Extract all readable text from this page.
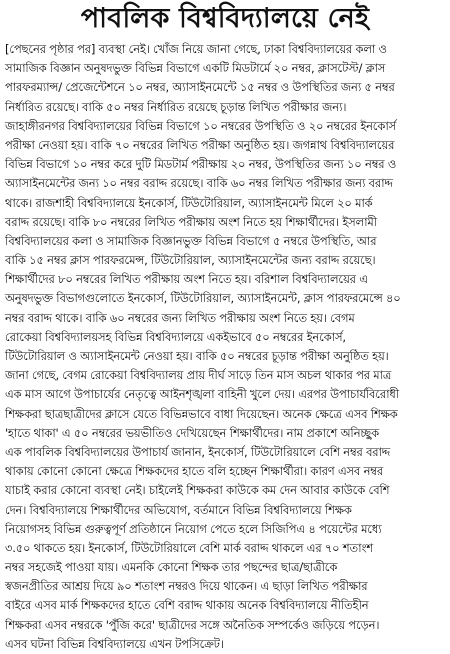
পাবলিক বিশ্ববিদ্যালয়ে নেই
[পেছনের পৃষ্ঠার পর] ব্যবস্থা নেই। খোঁজ নিয়ে জানা গেছে, ঢাকা বিশ্ববিদ্যালয়ের কলা ও
সামাজিক বিজ্ঞান অনুষদভুক্ত বিভিন্ন বিভাগে একটি মিডটার্মে ২০ নম্বর, ক্লাসটেস্ট/ ক্লাস
পারফরম্যান্স/ প্রেজেন্টেশনে ১০ নম্বর, অ্যাসাইনমেন্টে ১৫ নম্বর ও উপস্থিতির জন্য ৫ নম্বর
নির্ধারিত রয়েছে। বাকি ৫০ নম্বর নির্ধারিত রয়েছে চূড়ান্ত লিখিত পরীক্ষার জন্য।
জাহাঙ্গীরনগর বিশ্ববিদ্যালয়ের বিভিন্ন বিভাগে ১০ নম্বরের উপস্থিতি ও ২০ নম্বরের ইনকোর্স
পরীক্ষা নেওয়া হয়। বাকি ৭০ নম্বরের লিখিত পরীক্ষা অনুষ্ঠিত হয়। জগন্নাথ বিশ্ববিদ্যালয়ের
বিভিন্ন বিভাগে ১০ নম্বর করে দুটি মিডটার্ম পরীক্ষায় ২০ নম্বর, উপস্থিতির জন্য ১০ নম্বর ও
অ্যাসাইনমেন্টের জন্য ১০ নম্বর বরাদ্দ রয়েছে। বাকি ৬০ নম্বর লিখিত পরীক্ষার জন্য বরাদ্দ
থাকে। রাজশাহী বিশ্ববিদ্যালয়ে ইনকোর্স, টিউটোরিয়াল, অ্যাসাইনমেন্ট মিলে ২০ মার্ক
বরাদ্দ রয়েছে। বাকি ৮০ নম্বরের লিখিত পরীক্ষায় অংশ নিতে হয় শিক্ষার্থীদের। ইসলামী
বিশ্ববিদ্যালয়ের কলা ও সামাজিক বিজ্ঞানভুক্ত বিভিন্ন বিভাগে ৫ নম্বরে উপস্থিতি, আর
বাকি ১৫ নম্বর ক্লাস পারফরমেন্স, টিউটোরিয়াল, অ্যাসাইনমেন্টের জন্য বরাদ্দ রয়েছে।
শিক্ষার্থীদের ৮০ নম্বরের লিখিত পরীক্ষায় অংশ নিতে হয়। বরিশাল বিশ্ববিদ্যালয়ের এ
অনুষদভুক্ত বিভাগগুলোতে ইনকোর্স, টিউটোরিয়াল, অ্যাসাইনমেন্ট, ক্লাস পারফরমেন্সে ৪০
নম্বর বরাদ্দ থাকে। বাকি ৬০ নম্বরের জন্য লিখিত পরীক্ষায় অংশ নিতে হয়। বেগম
রোকেয়া বিশ্ববিদ্যালয়সহ বিভিন্ন বিশ্ববিদ্যালয়ে একইভাবে ৫০ নম্বরের ইনকোর্স,
টিউটোরিয়াল ও অ্যাসাইনমেন্ট নেওয়া হয়। বাকি ৫০ নম্বরের চূড়ান্ত পরীক্ষা অনুষ্ঠিত হয়।
জানা গেছে, বেগম রোকেয়া বিশ্ববিদ্যালয় প্রায় দীর্ঘ সাড়ে তিন মাস অচল থাকার পর মাত্র
এক মাস আগে উপাচার্যের নেতৃত্বে আইনশৃঙ্খলা বাহিনী খুলে দেয়। এরপর উপাচার্যবিরোধী
শিক্ষকরা ছাত্রছাত্রীদের ক্লাসে যেতে বিভিন্নভাবে বাধা দিয়েছেন। অনেক ক্ষেত্রে এসব শিক্ষক
'হাতে থাকা' এ ৫০ নম্বরের ভয়ভীতিও দেখিয়েছেন শিক্ষার্থীদের। নাম প্রকাশে অনিচ্ছুক
এক পাবলিক বিশ্ববিদ্যালয়ের উপাচার্য জানান, ইনকোর্স, টিউটোরিয়ালে বেশি নম্বর বরাদ্দ
থাকায় কোনো কোনো ক্ষেত্রে শিক্ষকদের হাতে বলি হচ্ছেন শিক্ষার্থীরা। কারণ এসব নম্বর
যাচাই করার কোনো ব্যবস্থা নেই। চাইলেই শিক্ষকরা কাউকে কম দেন আবার কাউকে বেশি
দেন। বিশ্ববিদ্যালয়ে শিক্ষার্থীদের অভিযোগ, বর্তমানে বিভিন্ন বিশ্ববিদ্যালয়ে শিক্ষক
নিয়োগসহ বিভিন্ন গুরুত্বপূর্ণ প্রতিষ্ঠানে নিয়োগ পেতে হলে সিজিপিএ ৪ পয়েন্টের মধ্যে
৩.৫০ থাকতে হয়। ইনকোর্স, টিউটোরিয়ালে বেশি মার্ক বরাদ্দ থাকলে এর ৭০ শতাংশ
নম্বর সহজেই পাওয়া যায়। এমনকি কোনো শিক্ষক তার পছন্দের ছাত্র/ছাত্রীকে
স্বজনপ্রীতির আশ্রয় দিয়ে ৯০ শতাংশ নম্বরও দিয়ে থাকেন। এ ছাড়া লিখিত পরীক্ষার
বাইরে এসব মার্ক শিক্ষকদের হাতে বেশি বরাদ্দ থাকায় অনেক বিশ্ববিদ্যালয়ে নীতিহীন
শিক্ষকরা এসব নম্বরকে 'পুঁজি করে' ছাত্রীদের সঙ্গে অনৈতিক সম্পর্কেও জড়িয়ে পড়েন।
এসব ঘটনা বিভিন্ন বিশ্ববিদ্যালয়ে এখন টপসিক্রেট।
